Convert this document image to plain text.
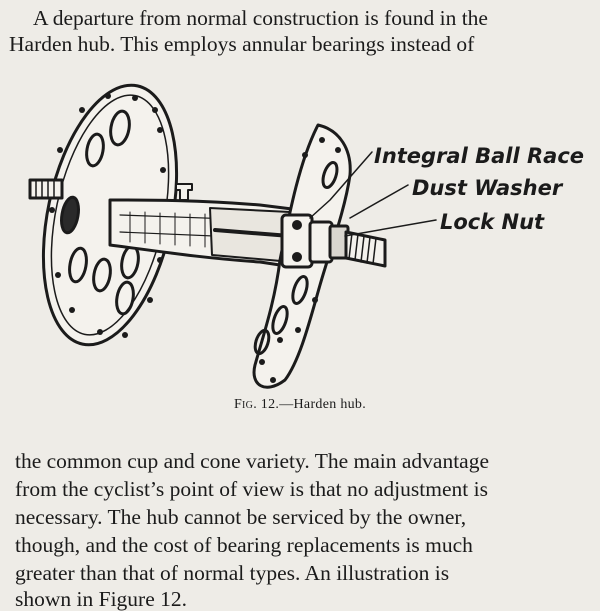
A departure from normal construction is found in the
Harden hub. This employs annular bearings instead of
Integral Ball Race
Dust Washer
Lock Nut
Fig. 12.—Harden hub.
the common cup and cone variety. The main advantage
from the cyclist’s point of view is that no adjustment is
necessary. The hub cannot be serviced by the owner,
though, and the cost of bearing replacements is much
greater than that of normal types. An illustration is
shown in Figure 12.
